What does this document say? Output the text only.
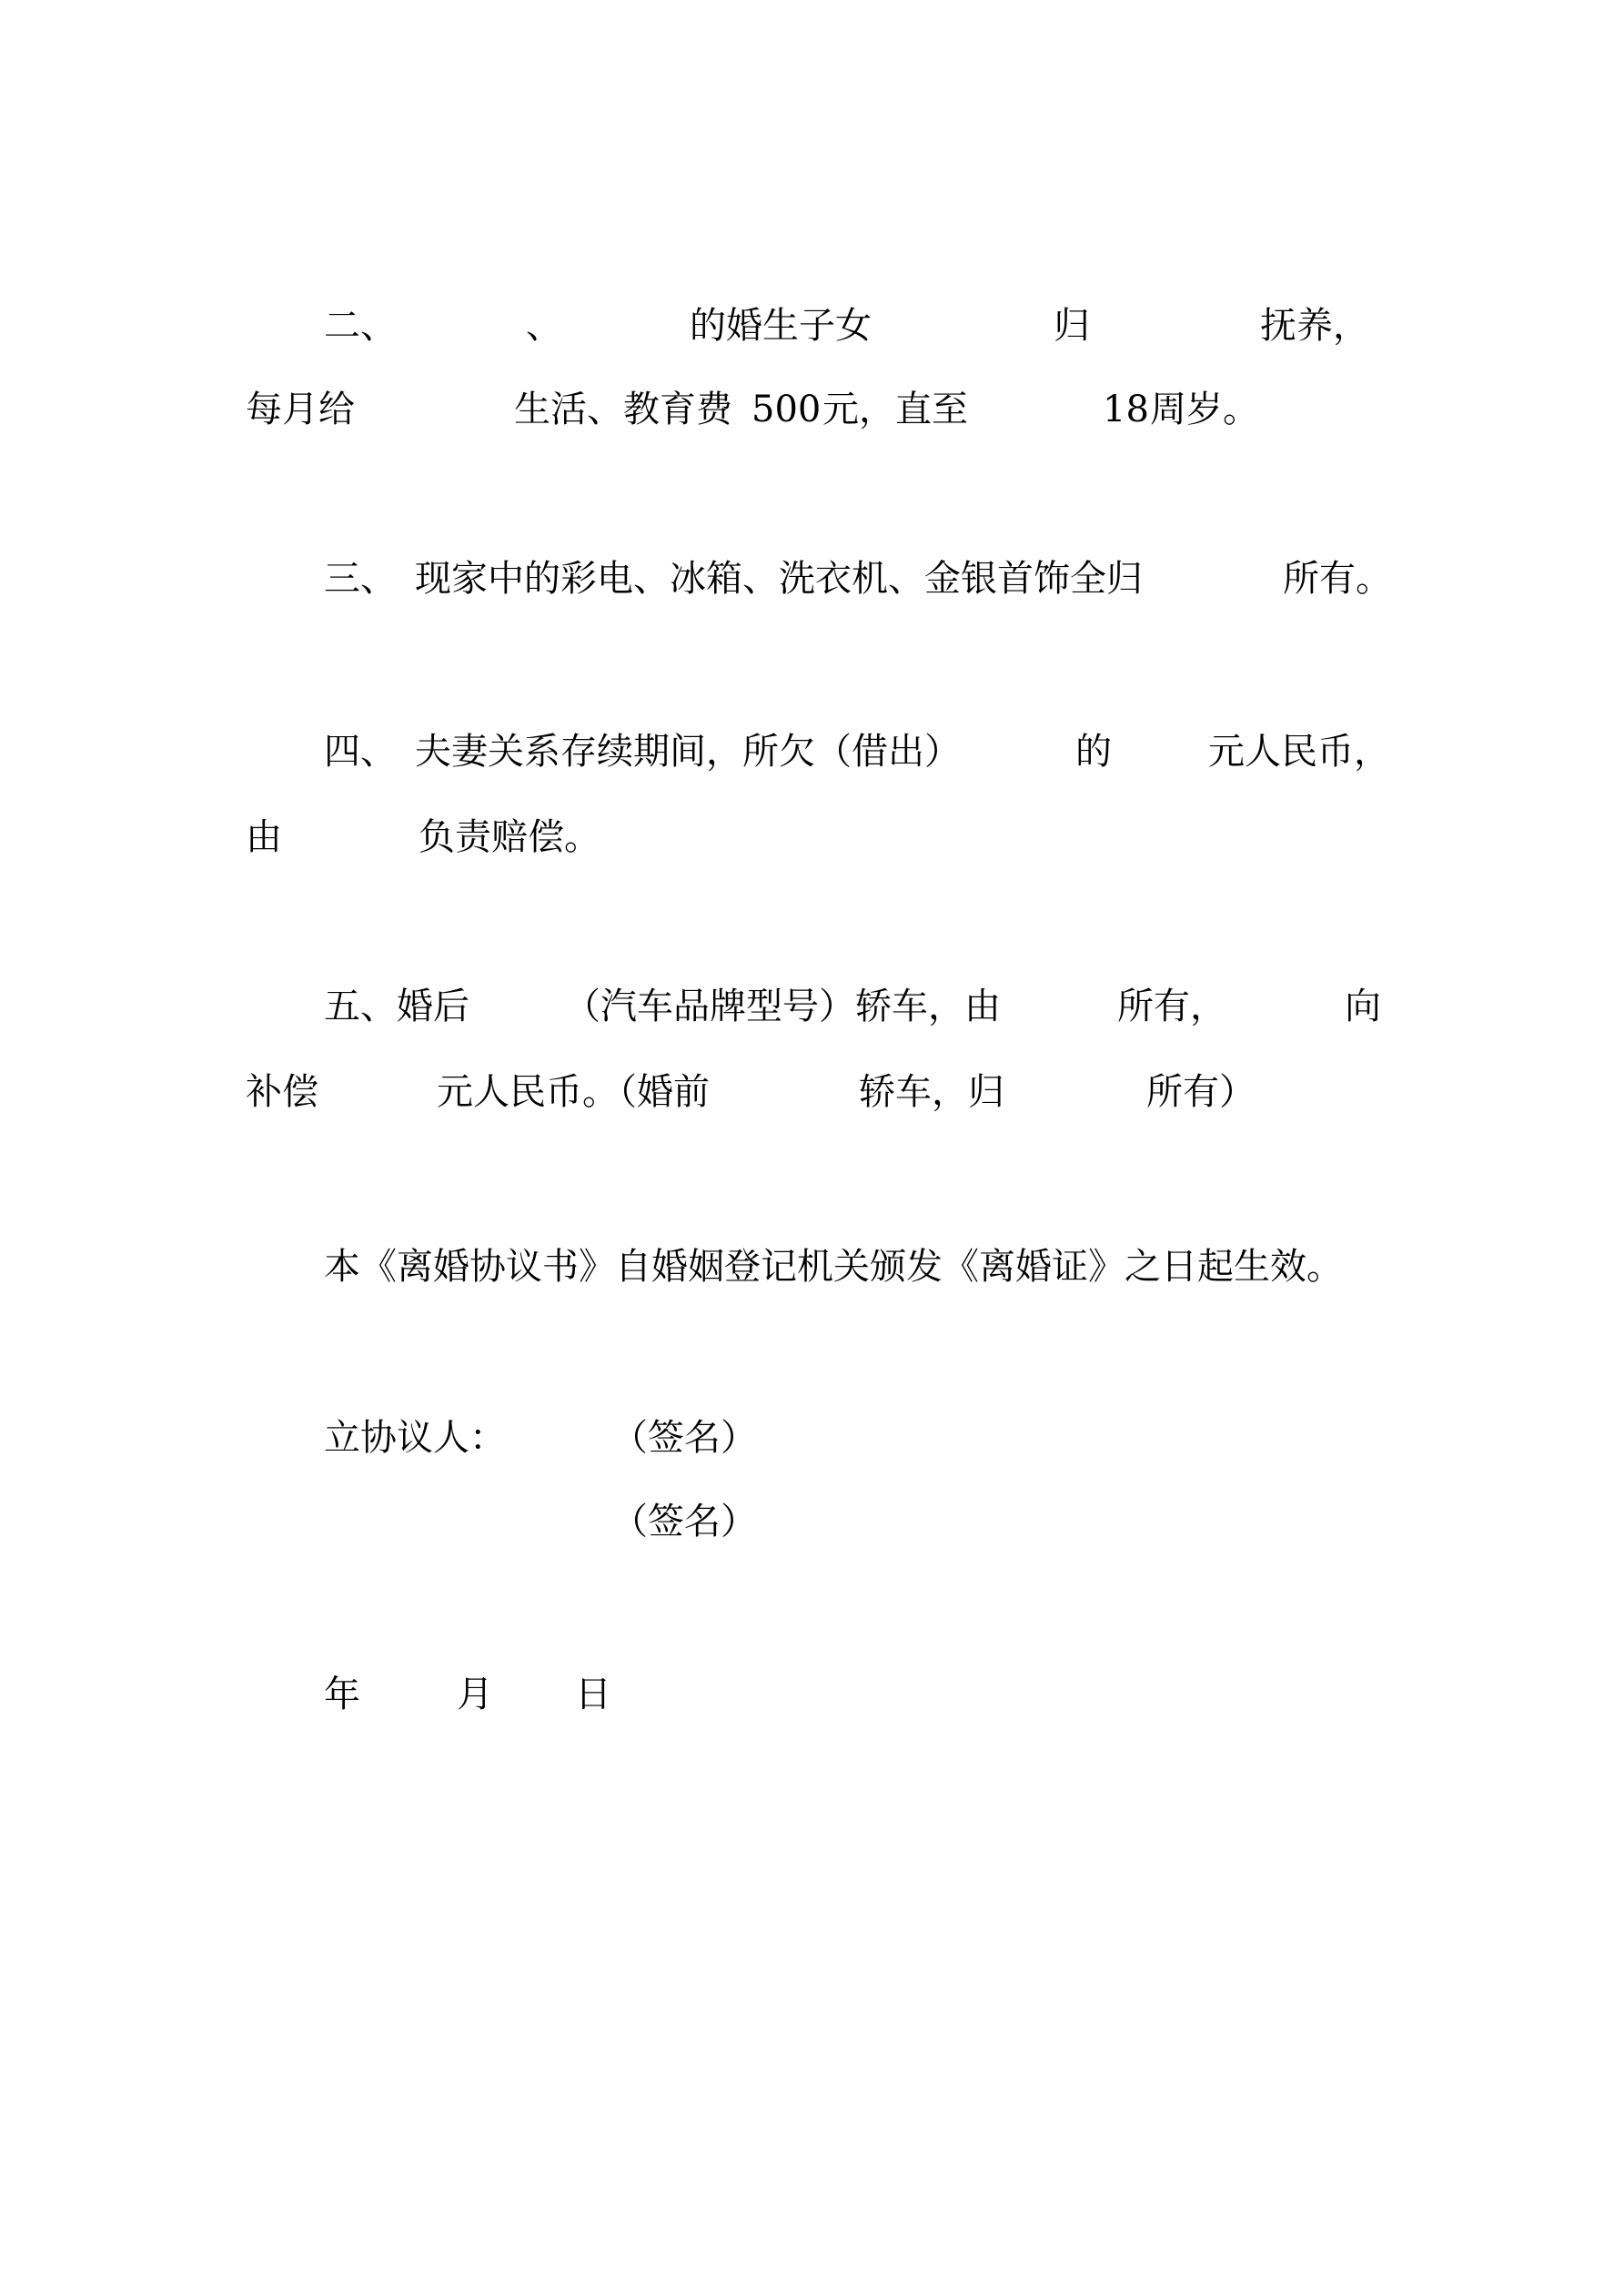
二、	、	的婚生子女	归	抚养，
每月给	生活、教育费 500 元，直至	18 周岁。
三、 现家中的彩电、冰箱、洗衣机、金银首饰全归	所有。
四、 夫妻关系存续期间，所欠（借出）	的	元人民币，
由	负责赔偿。
五、婚后	（汽车品牌型号）轿车，由	所有，	向
补偿	元人民币。（婚前	轿车，归	所有）
本《离婚协议书》自婚姻登记机关颁发《离婚证》之日起生效。
立协议人：	（签名）
（签名）
年	月 日
